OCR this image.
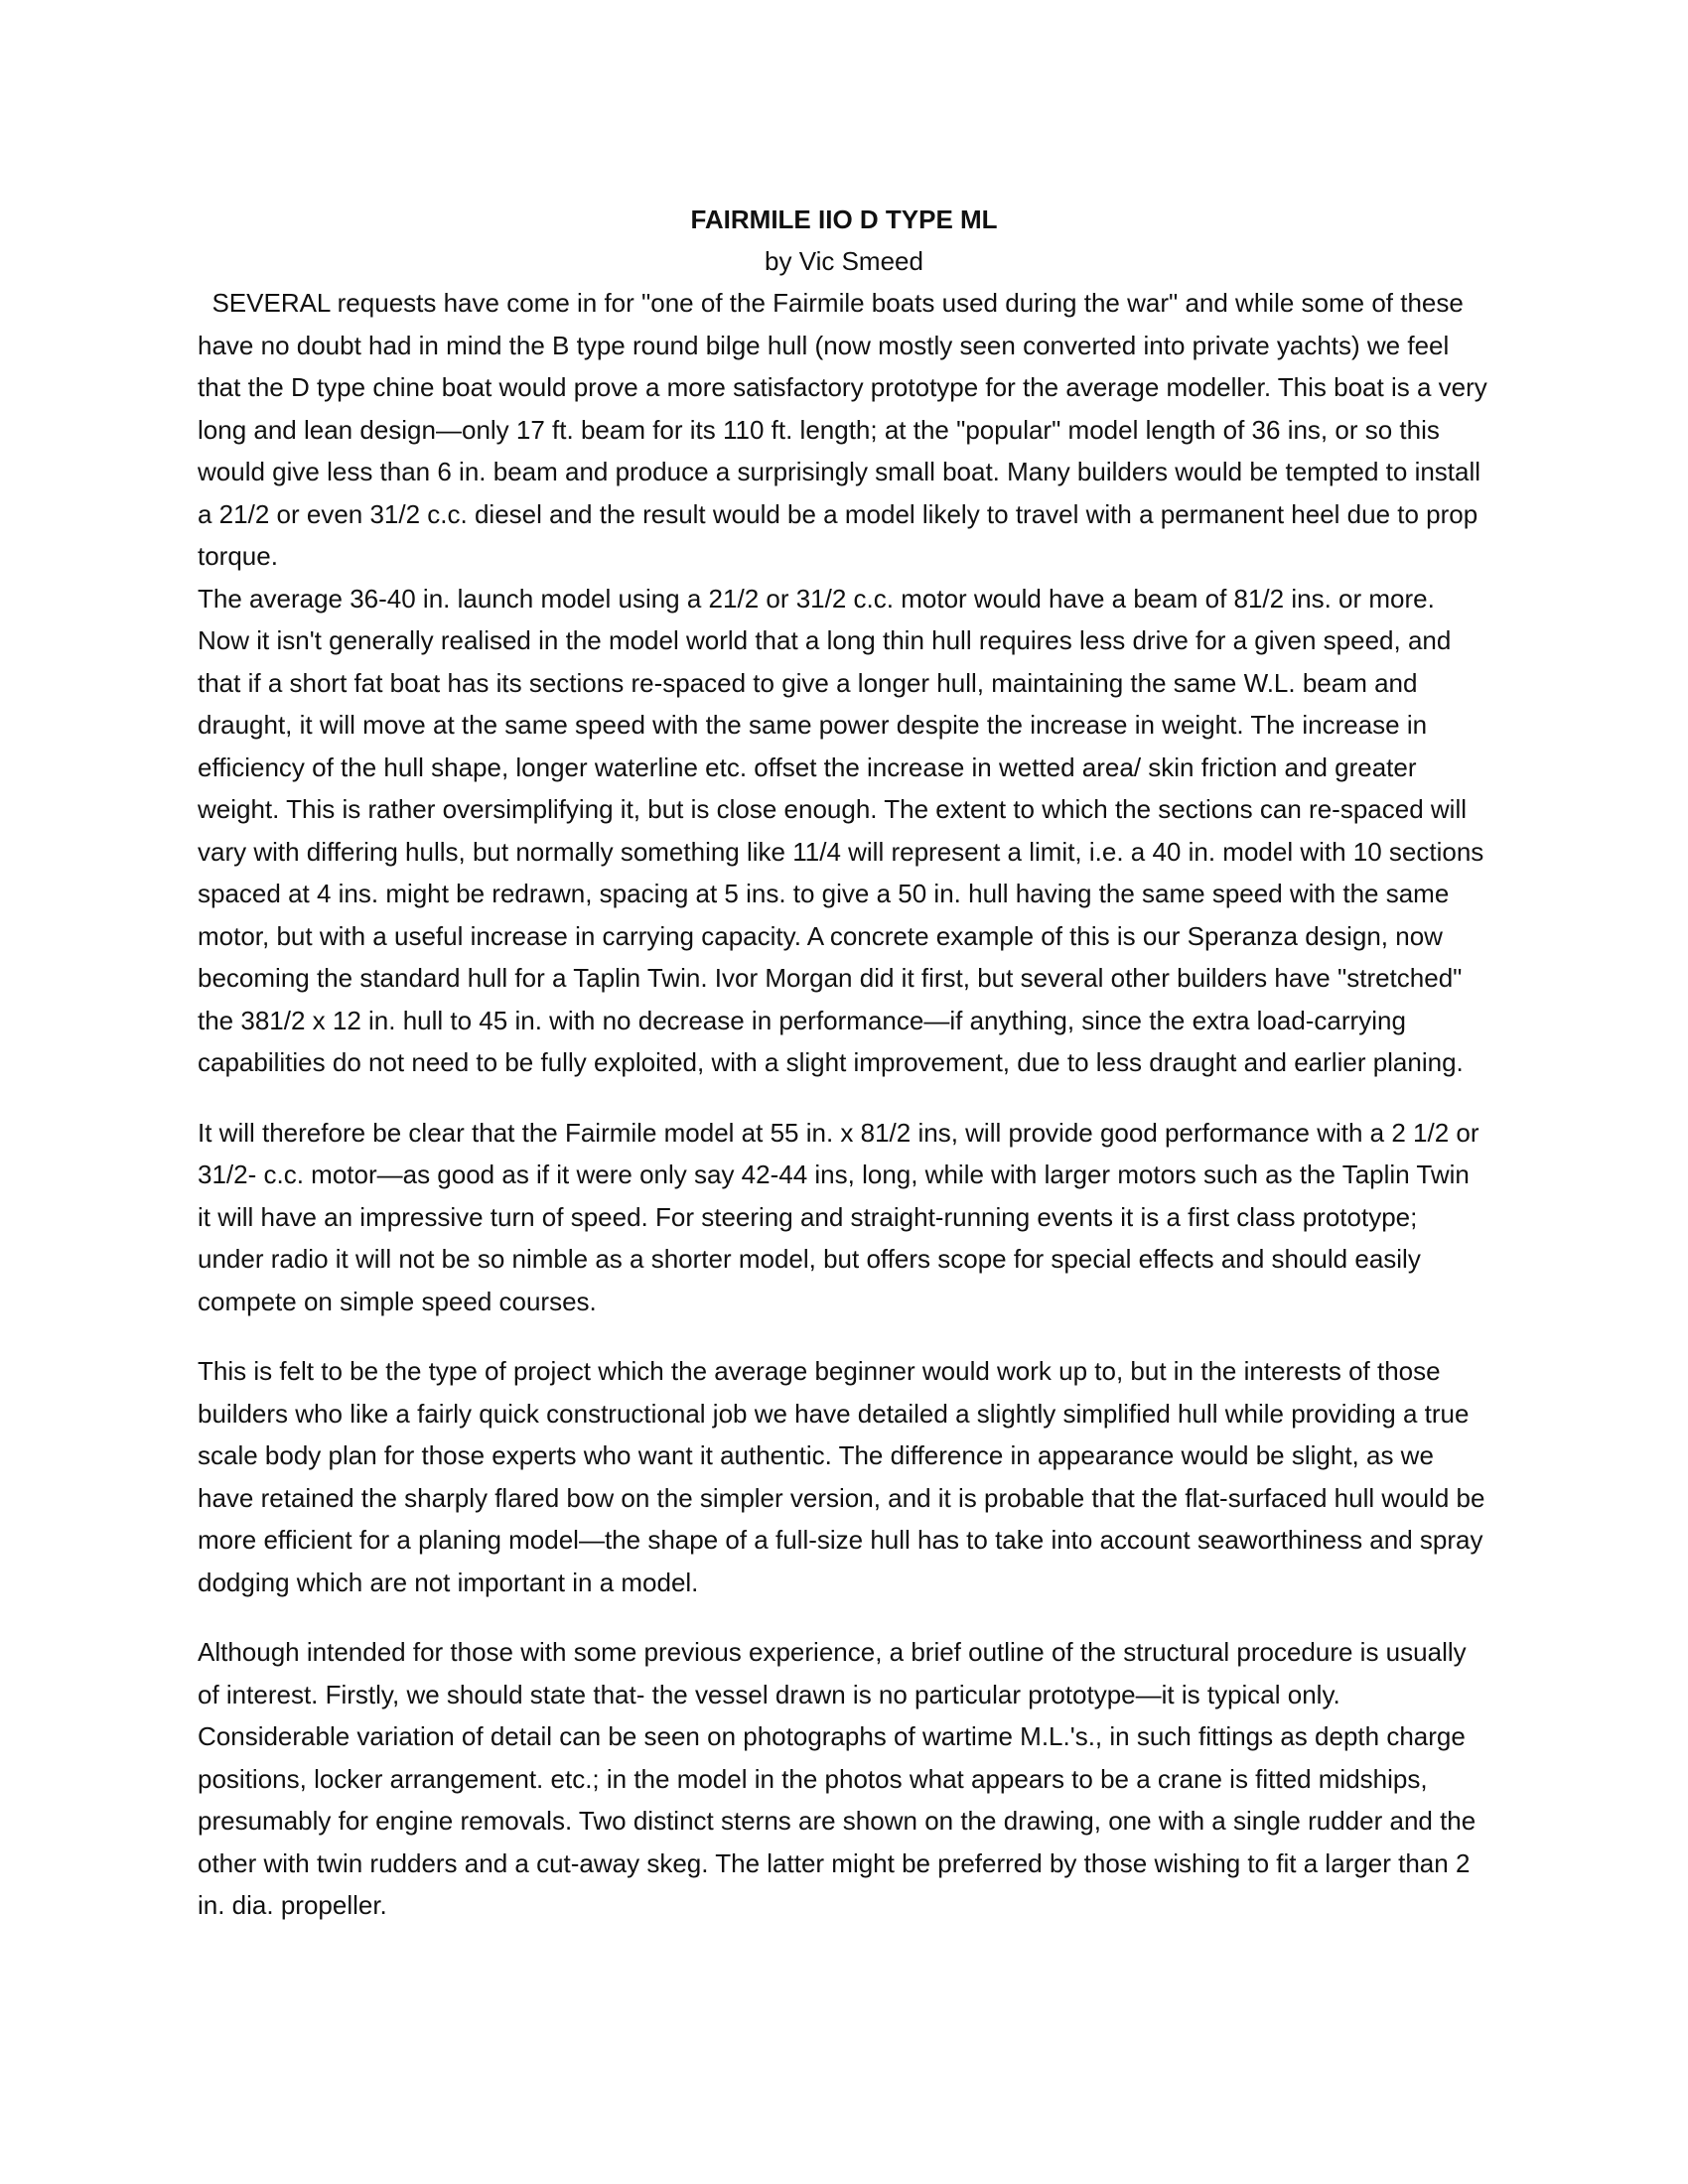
FAIRMILE IIO D TYPE ML

by Vic Smeed

SEVERAL requests have come in for "one of the Fairmile boats used during the war" and while some of these have no doubt had in mind the B type round bilge hull (now mostly seen converted into private yachts) we feel that the D type chine boat would prove a more satisfactory prototype for the average modeller. This boat is a very long and lean design—only 17 ft. beam for its 110 ft. length; at the "popular" model length of 36 ins, or so this would give less than 6 in. beam and produce a surprisingly small boat. Many builders would be tempted to install a 21/2 or even 31/2 c.c. diesel and the result would be a model likely to travel with a permanent heel due to prop torque.

The average 36-40 in. launch model using a 21/2 or 31/2 c.c. motor would have a beam of 81/2 ins. or more. Now it isn't generally realised in the model world that a long thin hull requires less drive for a given speed, and that if a short fat boat has its sections re-spaced to give a longer hull, maintaining the same W.L. beam and draught, it will move at the same speed with the same power despite the increase in weight. The increase in efficiency of the hull shape, longer waterline etc. offset the increase in wetted area/ skin friction and greater weight. This is rather oversimplifying it, but is close enough. The extent to which the sections can re-spaced will vary with differing hulls, but normally something like 11/4 will represent a limit, i.e. a 40 in. model with 10 sections spaced at 4 ins. might be redrawn, spacing at 5 ins. to give a 50 in. hull having the same speed with the same motor, but with a useful increase in carrying capacity. A concrete example of this is our Speranza design, now becoming the standard hull for a Taplin Twin. Ivor Morgan did it first, but several other builders have "stretched" the 381/2 x 12 in. hull to 45 in. with no decrease in performance—if anything, since the extra load-carrying capabilities do not need to be fully exploited, with a slight improvement, due to less draught and earlier planing.

It will therefore be clear that the Fairmile model at 55 in. x 81/2 ins, will provide good performance with a 2 1/2 or 31/2- c.c. motor—as good as if it were only say 42-44 ins, long, while with larger motors such as the Taplin Twin it will have an impressive turn of speed. For steering and straight-running events it is a first class prototype; under radio it will not be so nimble as a shorter model, but offers scope for special effects and should easily compete on simple speed courses.

This is felt to be the type of project which the average beginner would work up to, but in the interests of those builders who like a fairly quick constructional job we have detailed a slightly simplified hull while providing a true scale body plan for those experts who want it authentic. The difference in appearance would be slight, as we have retained the sharply flared bow on the simpler version, and it is probable that the flat-surfaced hull would be more efficient for a planing model—the shape of a full-size hull has to take into account seaworthiness and spray dodging which are not important in a model.

Although intended for those with some previous experience, a brief outline of the structural procedure is usually of interest. Firstly, we should state that- the vessel drawn is no particular prototype—it is typical only. Considerable variation of detail can be seen on photographs of wartime M.L.'s., in such fittings as depth charge positions, locker arrangement. etc.; in the model in the photos what appears to be a crane is fitted midships, presumably for engine removals. Two distinct sterns are shown on the drawing, one with a single rudder and the other with twin rudders and a cut-away skeg. The latter might be preferred by those wishing to fit a larger than 2 in. dia. propeller.
